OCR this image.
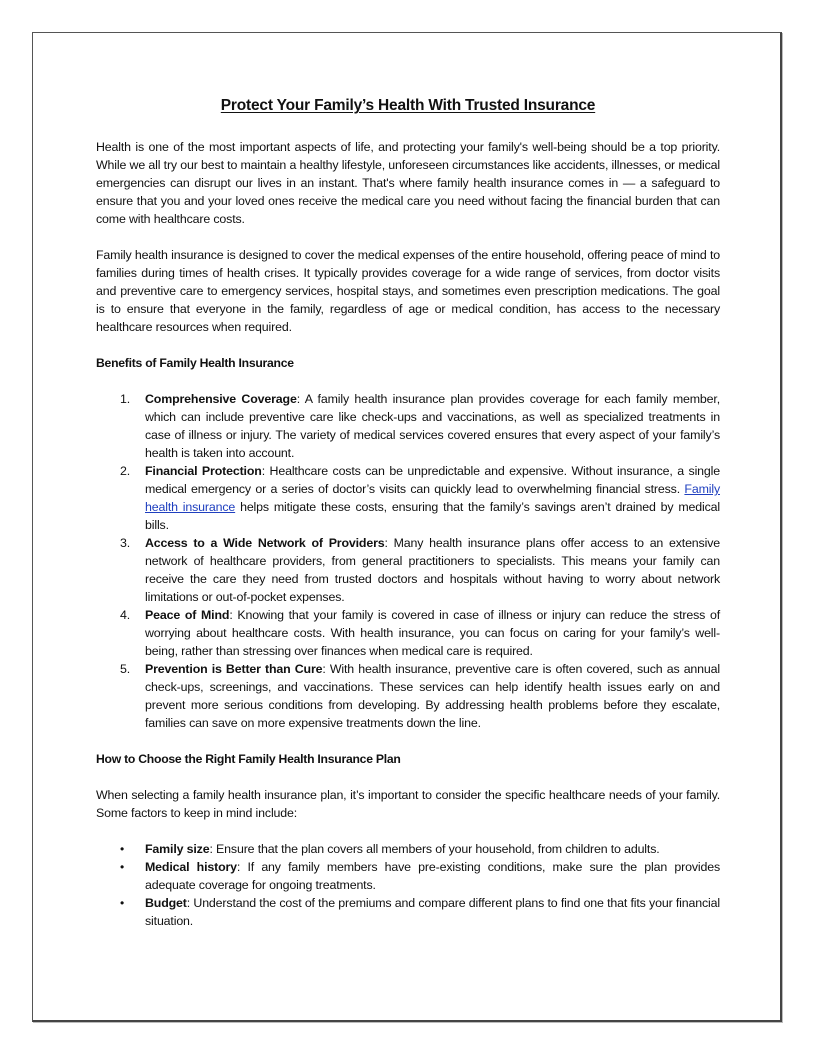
Protect Your Family’s Health With Trusted Insurance

Health is one of the most important aspects of life, and protecting your family's well-being should be a top priority. While we all try our best to maintain a healthy lifestyle, unforeseen circumstances like accidents, illnesses, or medical emergencies can disrupt our lives in an instant. That's where family health insurance comes in — a safeguard to ensure that you and your loved ones receive the medical care you need without facing the financial burden that can come with healthcare costs.

Family health insurance is designed to cover the medical expenses of the entire household, offering peace of mind to families during times of health crises. It typically provides coverage for a wide range of services, from doctor visits and preventive care to emergency services, hospital stays, and sometimes even prescription medications. The goal is to ensure that everyone in the family, regardless of age or medical condition, has access to the necessary healthcare resources when required.

Benefits of Family Health Insurance
1. Comprehensive Coverage: A family health insurance plan provides coverage for each family member, which can include preventive care like check-ups and vaccinations, as well as specialized treatments in case of illness or injury. The variety of medical services covered ensures that every aspect of your family’s health is taken into account.
2. Financial Protection: Healthcare costs can be unpredictable and expensive. Without insurance, a single medical emergency or a series of doctor’s visits can quickly lead to overwhelming financial stress. Family health insurance helps mitigate these costs, ensuring that the family’s savings aren’t drained by medical bills.
3. Access to a Wide Network of Providers: Many health insurance plans offer access to an extensive network of healthcare providers, from general practitioners to specialists. This means your family can receive the care they need from trusted doctors and hospitals without having to worry about network limitations or out-of-pocket expenses.
4. Peace of Mind: Knowing that your family is covered in case of illness or injury can reduce the stress of worrying about healthcare costs. With health insurance, you can focus on caring for your family’s well-being, rather than stressing over finances when medical care is required.
5. Prevention is Better than Cure: With health insurance, preventive care is often covered, such as annual check-ups, screenings, and vaccinations. These services can help identify health issues early on and prevent more serious conditions from developing. By addressing health problems before they escalate, families can save on more expensive treatments down the line.
How to Choose the Right Family Health Insurance Plan

When selecting a family health insurance plan, it’s important to consider the specific healthcare needs of your family. Some factors to keep in mind include:

• Family size: Ensure that the plan covers all members of your household, from children to adults.
• Medical history: If any family members have pre-existing conditions, make sure the plan provides adequate coverage for ongoing treatments.
• Budget: Understand the cost of the premiums and compare different plans to find one that fits your financial situation.
